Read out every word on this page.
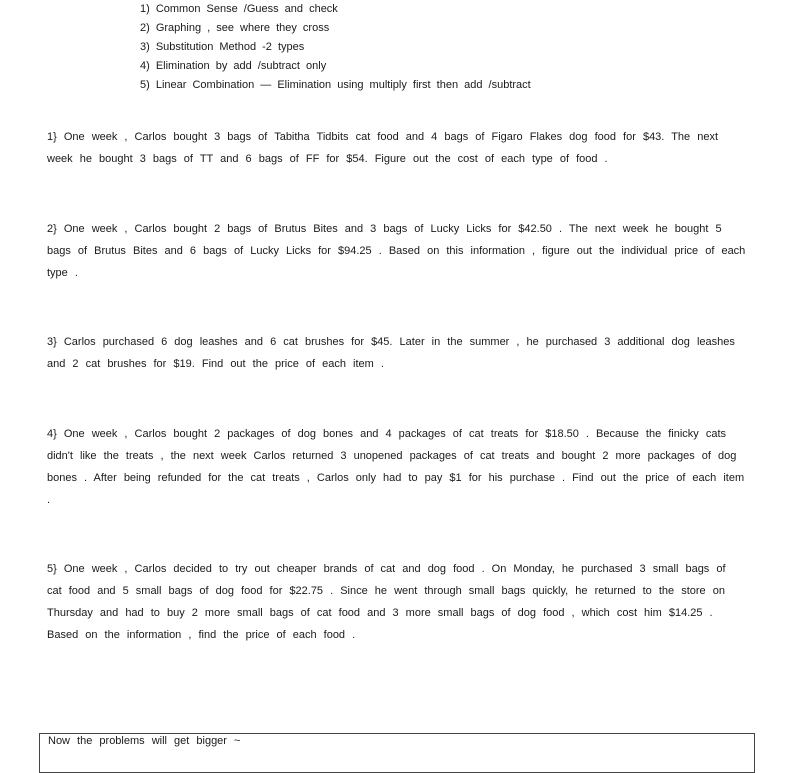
1) Common Sense /Guess and check
2) Graphing , see where they cross
3) Substitution Method -2 types
4) Elimination by add /subtract only
5) Linear Combination — Elimination using multiply first then add /subtract

1} One week , Carlos bought 3 bags of Tabitha Tidbits cat food and 4 bags of Figaro Flakes dog food for $43. The next week he bought 3 bags of TT and 6 bags of FF for $54. Figure out the cost of each type of food .

2} One week , Carlos bought 2 bags of Brutus Bites and 3 bags of Lucky Licks for $42.50 . The next week he bought 5 bags of Brutus Bites and 6 bags of Lucky Licks for $94.25 . Based on this information , figure out the individual price of each type .

3} Carlos purchased 6 dog leashes and 6 cat brushes for $45. Later in the summer , he purchased 3 additional dog leashes and 2 cat brushes for $19. Find out the price of each item .

4} One week , Carlos bought 2 packages of dog bones and 4 packages of cat treats for $18.50 . Because the finicky cats didn't like the treats , the next week Carlos returned 3 unopened packages of cat treats and bought 2 more packages of dog bones . After being refunded for the cat treats , Carlos only had to pay $1 for his purchase . Find out the price of each item .

5} One week , Carlos decided to try out cheaper brands of cat and dog food . On Monday, he purchased 3 small bags of cat food and 5 small bags of dog food for $22.75 . Since he went through small bags quickly, he returned to the store on Thursday and had to buy 2 more small bags of cat food and 3 more small bags of dog food , which cost him $14.25 . Based on the information , find the price of each food .

Now the problems will get bigger ~
